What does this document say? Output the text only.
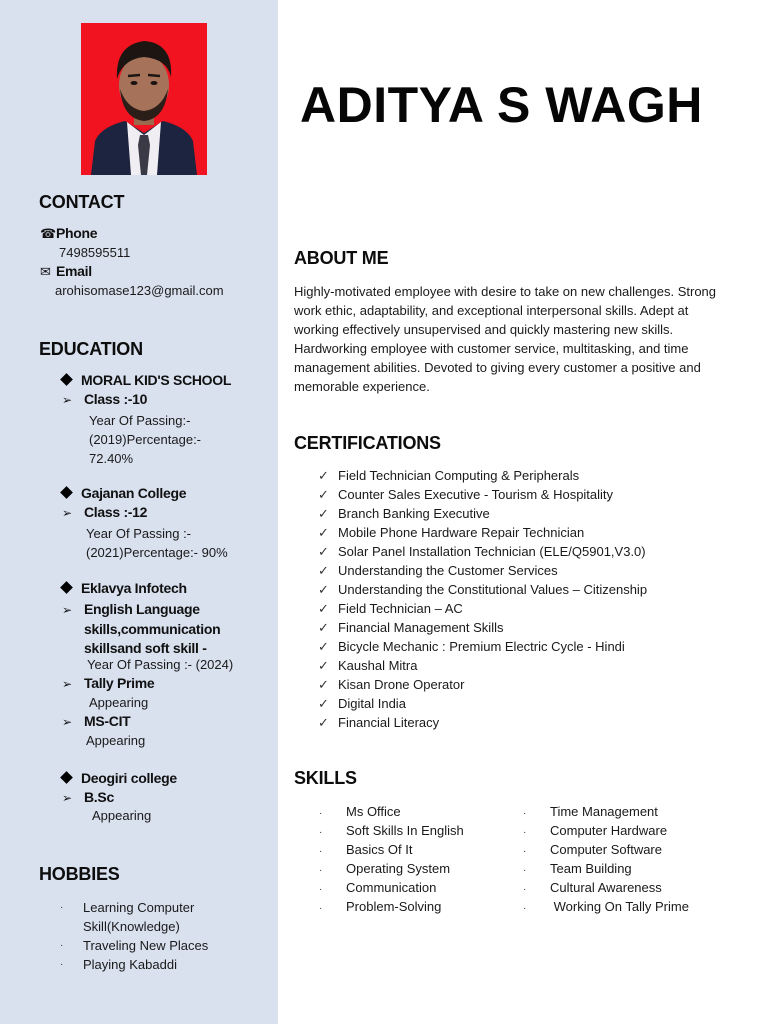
CONTACT
☎Phone
7498595511
✉ Email
arohisomase123@gmail.com
EDUCATION
MORAL KID'S SCHOOL
➢ Class :-10
Year Of Passing:-
(2019)Percentage:-
72.40%
Gajanan College
➢ Class :-12
Year Of Passing :-
(2021)Percentage:- 90%
Eklavya Infotech
➢ English Language
skills,communication
skillsand soft skill -
Year Of Passing :- (2024)
➢ Tally Prime
Appearing
➢ MS-CIT
Appearing
Deogiri college
➢ B.Sc
Appearing
HOBBIES
·	Learning Computer
Skill(Knowledge)
·	Traveling New Places
·	Playing Kabaddi
ADITYA S WAGH
ABOUT ME
Highly-motivated employee with desire to take on new challenges. Strong work ethic, adaptability, and exceptional interpersonal skills. Adept at working effectively unsupervised and quickly mastering new skills. Hardworking employee with customer service, multitasking, and time management abilities. Devoted to giving every customer a positive and memorable experience.
CERTIFICATIONS
✓ Field Technician Computing & Peripherals
✓ Counter Sales Executive - Tourism & Hospitality
✓ Branch Banking Executive
✓ Mobile Phone Hardware Repair Technician
✓ Solar Panel Installation Technician (ELE/Q5901,V3.0)
✓ Understanding the Customer Services
✓ Understanding the Constitutional Values – Citizenship
✓ Field Technician – AC
✓ Financial Management Skills
✓ Bicycle Mechanic : Premium Electric Cycle - Hindi
✓ Kaushal Mitra
✓ Kisan Drone Operator
✓ Digital India
✓ Financial Literacy
SKILLS
· Ms Office
· Soft Skills In English
· Basics Of It
· Operating System
· Communication
· Problem-Solving
· Time Management
· Computer Hardware
· Computer Software
· Team Building
· Cultural Awareness
· Working On Tally Prime
